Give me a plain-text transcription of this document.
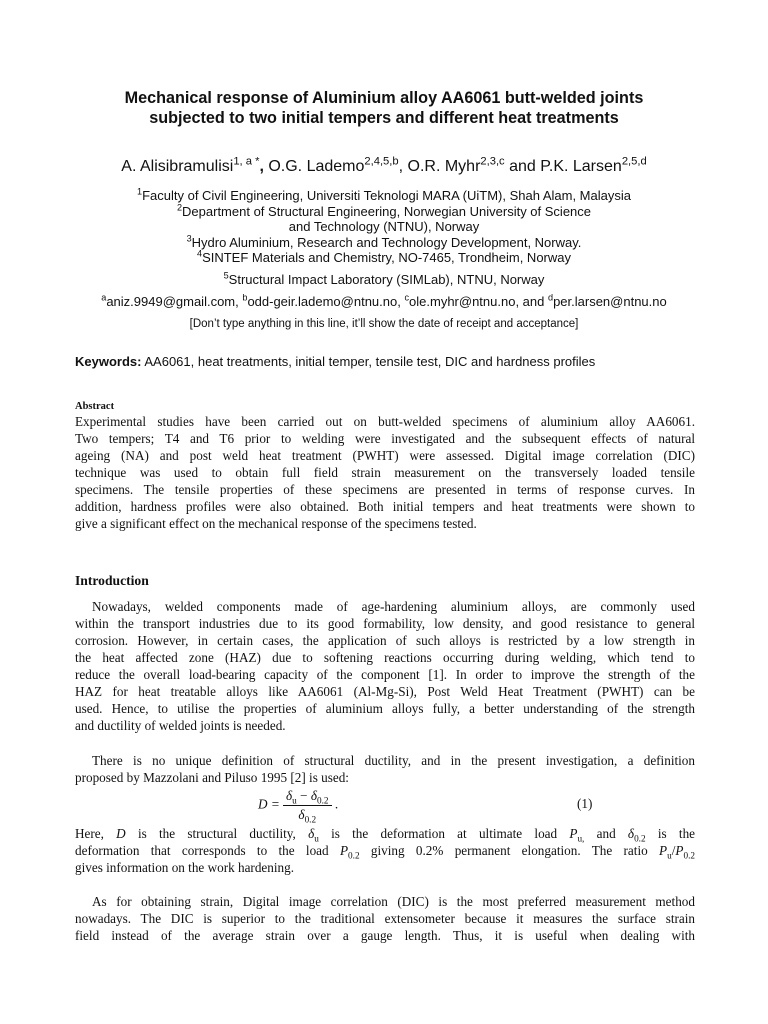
Mechanical response of Aluminium alloy AA6061 butt-welded joints
subjected to two initial tempers and different heat treatments
A. Alisibramulisi$^{1, a *}$, O.G. Lademo$^{2,4,5,b}$, O.R. Myhr$^{2,3,c}$ and P.K. Larsen$^{2,5,d}$
$^1$Faculty of Civil Engineering, Universiti Teknologi MARA (UiTM), Shah Alam, Malaysia
$^2$Department of Structural Engineering, Norwegian University of Science
and Technology (NTNU), Norway
$^3$Hydro Aluminium, Research and Technology Development, Norway.
$^4$SINTEF Materials and Chemistry, NO-7465, Trondheim, Norway
$^5$Structural Impact Laboratory (SIMLab), NTNU, Norway
$^a$aniz.9949@gmail.com, $^b$odd-geir.lademo@ntnu.no, $^c$ole.myhr@ntnu.no, and $^d$per.larsen@ntnu.no
[Don’t type anything in this line, it’ll show the date of receipt and acceptance]
Keywords: AA6061, heat treatments, initial temper, tensile test, DIC and hardness profiles
Abstract
Experimental studies have been carried out on butt-welded specimens of aluminium alloy AA6061.
Two tempers; T4 and T6 prior to welding were investigated and the subsequent effects of natural
ageing (NA) and post weld heat treatment (PWHT) were assessed. Digital image correlation (DIC)
technique was used to obtain full field strain measurement on the transversely loaded tensile
specimens. The tensile properties of these specimens are presented in terms of response curves. In
addition, hardness profiles were also obtained. Both initial tempers and heat treatments were shown to
give a significant effect on the mechanical response of the specimens tested.
Introduction
Nowadays, welded components made of age-hardening aluminium alloys, are commonly used
within the transport industries due to its good formability, low density, and good resistance to general
corrosion. However, in certain cases, the application of such alloys is restricted by a low strength in
the heat affected zone (HAZ) due to softening reactions occurring during welding, which tend to
reduce the overall load-bearing capacity of the component [1]. In order to improve the strength of the
HAZ for heat treatable alloys like AA6061 (Al-Mg-Si), Post Weld Heat Treatment (PWHT) can be
used. Hence, to utilise the properties of aluminium alloys fully, a better understanding of the strength
and ductility of welded joints is needed.
There is no unique definition of structural ductility, and in the present investigation, a definition
proposed by Mazzolani and Piluso 1995 [2] is used:
$D = \frac{\delta_u - \delta_{0.2}}{\delta_{0.2}}$ .	(1)
Here, D is the structural ductility, $\delta_u$ is the deformation at ultimate load $P_{u,}$ and $\delta_{0.2}$ is the
deformation that corresponds to the load $P_{0.2}$ giving 0.2% permanent elongation. The ratio $P_u/P_{0.2}$
gives information on the work hardening.
As for obtaining strain, Digital image correlation (DIC) is the most preferred measurement method
nowadays. The DIC is superior to the traditional extensometer because it measures the surface strain
field instead of the average strain over a gauge length. Thus, it is useful when dealing with
